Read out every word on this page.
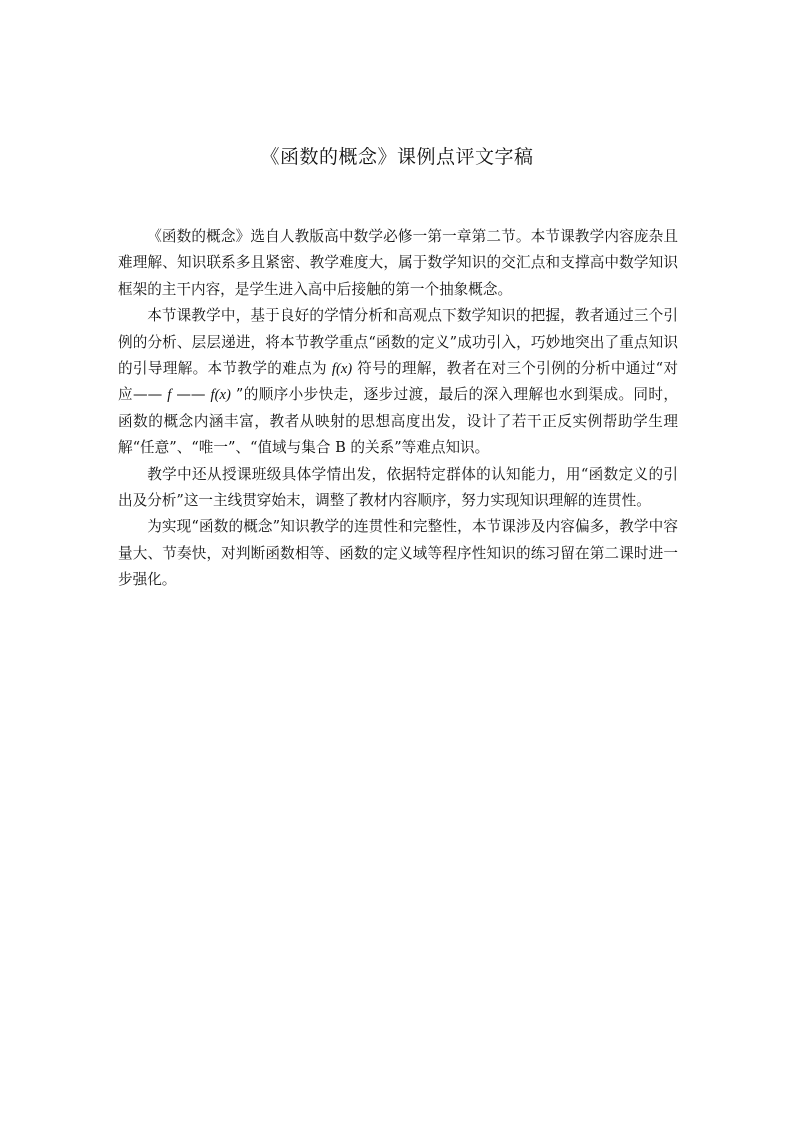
《函数的概念》课例点评文字稿

《函数的概念》选自人教版高中数学必修一第一章第二节。本节课教学内容庞杂且难理解、知识联系多且紧密、教学难度大，属于数学知识的交汇点和支撑高中数学知识框架的主干内容，是学生进入高中后接触的第一个抽象概念。

本节课教学中，基于良好的学情分析和高观点下数学知识的把握，教者通过三个引例的分析、层层递进，将本节教学重点“函数的定义”成功引入，巧妙地突出了重点知识的引导理解。本节教学的难点为 f(x) 符号的理解，教者在对三个引例的分析中通过“对应—— f —— f(x) ”的顺序小步快走，逐步过渡，最后的深入理解也水到渠成。同时，函数的概念内涵丰富，教者从映射的思想高度出发，设计了若干正反实例帮助学生理解“任意”、“唯一”、“值域与集合 B 的关系”等难点知识。

教学中还从授课班级具体学情出发，依据特定群体的认知能力，用“函数定义的引出及分析”这一主线贯穿始末，调整了教材内容顺序，努力实现知识理解的连贯性。

为实现“函数的概念”知识教学的连贯性和完整性，本节课涉及内容偏多，教学中容量大、节奏快，对判断函数相等、函数的定义域等程序性知识的练习留在第二课时进一步强化。
